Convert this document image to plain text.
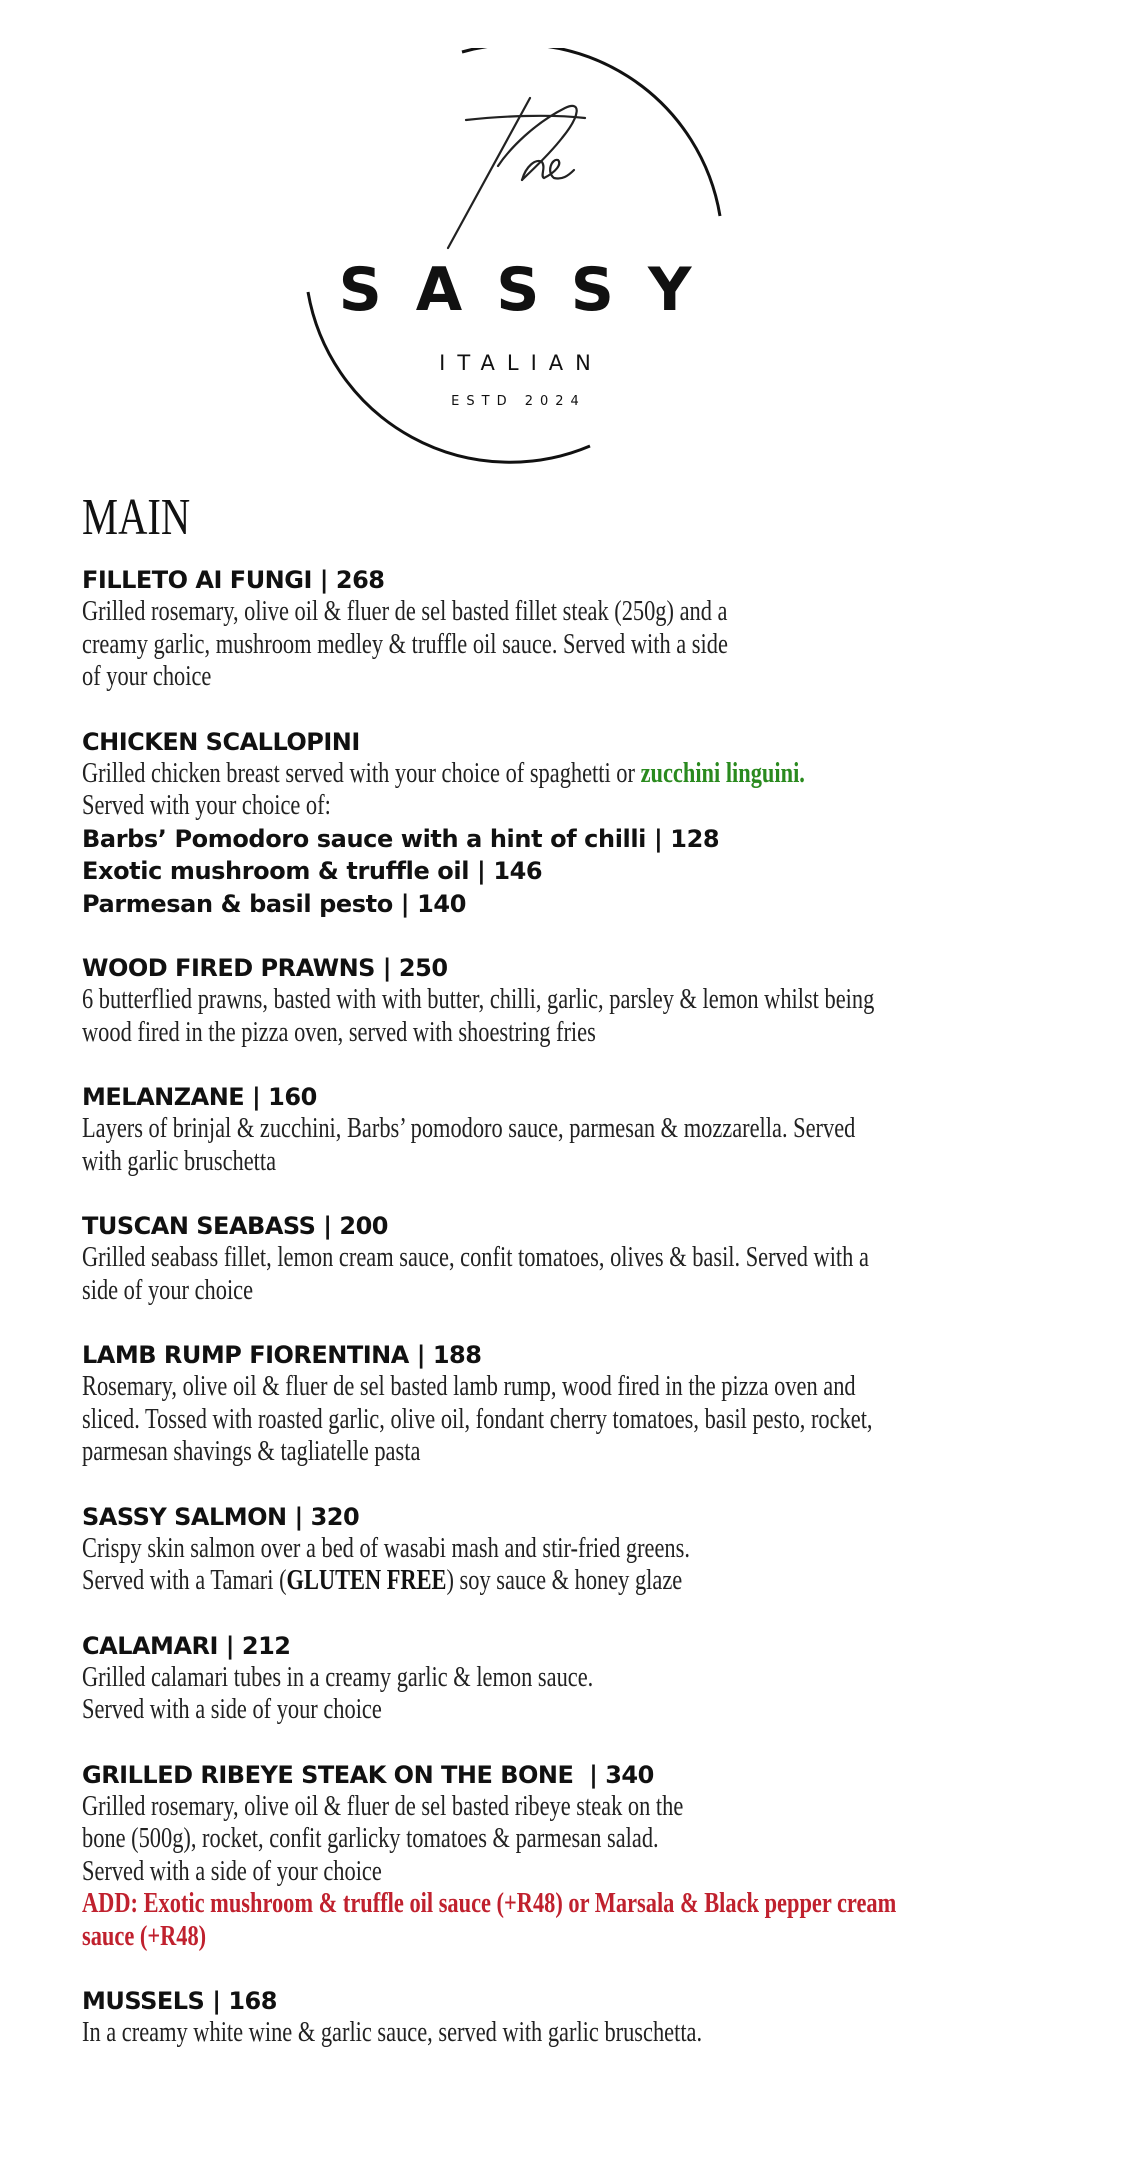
SASSY
ITALIAN
ESTD 2024
MAIN
FILLETO AI FUNGI | 268
Grilled rosemary, olive oil & fluer de sel basted fillet steak (250g) and a
creamy garlic, mushroom medley & truffle oil sauce. Served with a side
of your choice
CHICKEN SCALLOPINI
Grilled chicken breast served with your choice of spaghetti or zucchini linguini.
Served with your choice of:
Barbs’ Pomodoro sauce with a hint of chilli | 128
Exotic mushroom & truffle oil | 146
Parmesan & basil pesto | 140
WOOD FIRED PRAWNS | 250
6 butterflied prawns, basted with with butter, chilli, garlic, parsley & lemon whilst being
wood fired in the pizza oven, served with shoestring fries
MELANZANE | 160
Layers of brinjal & zucchini, Barbs’ pomodoro sauce, parmesan & mozzarella. Served
with garlic bruschetta
TUSCAN SEABASS | 200
Grilled seabass fillet, lemon cream sauce, confit tomatoes, olives & basil. Served with a
side of your choice
LAMB RUMP FIORENTINA | 188
Rosemary, olive oil & fluer de sel basted lamb rump, wood fired in the pizza oven and
sliced. Tossed with roasted garlic, olive oil, fondant cherry tomatoes, basil pesto, rocket,
parmesan shavings & tagliatelle pasta
SASSY SALMON | 320
Crispy skin salmon over a bed of wasabi mash and stir-fried greens.
Served with a Tamari (GLUTEN FREE) soy sauce & honey glaze
CALAMARI | 212
Grilled calamari tubes in a creamy garlic & lemon sauce.
Served with a side of your choice
GRILLED RIBEYE STEAK ON THE BONE  | 340
Grilled rosemary, olive oil & fluer de sel basted ribeye steak on the
bone (500g), rocket, confit garlicky tomatoes & parmesan salad.
Served with a side of your choice
ADD: Exotic mushroom & truffle oil sauce (+R48) or Marsala & Black pepper cream
sauce (+R48)
MUSSELS | 168
In a creamy white wine & garlic sauce, served with garlic bruschetta.
